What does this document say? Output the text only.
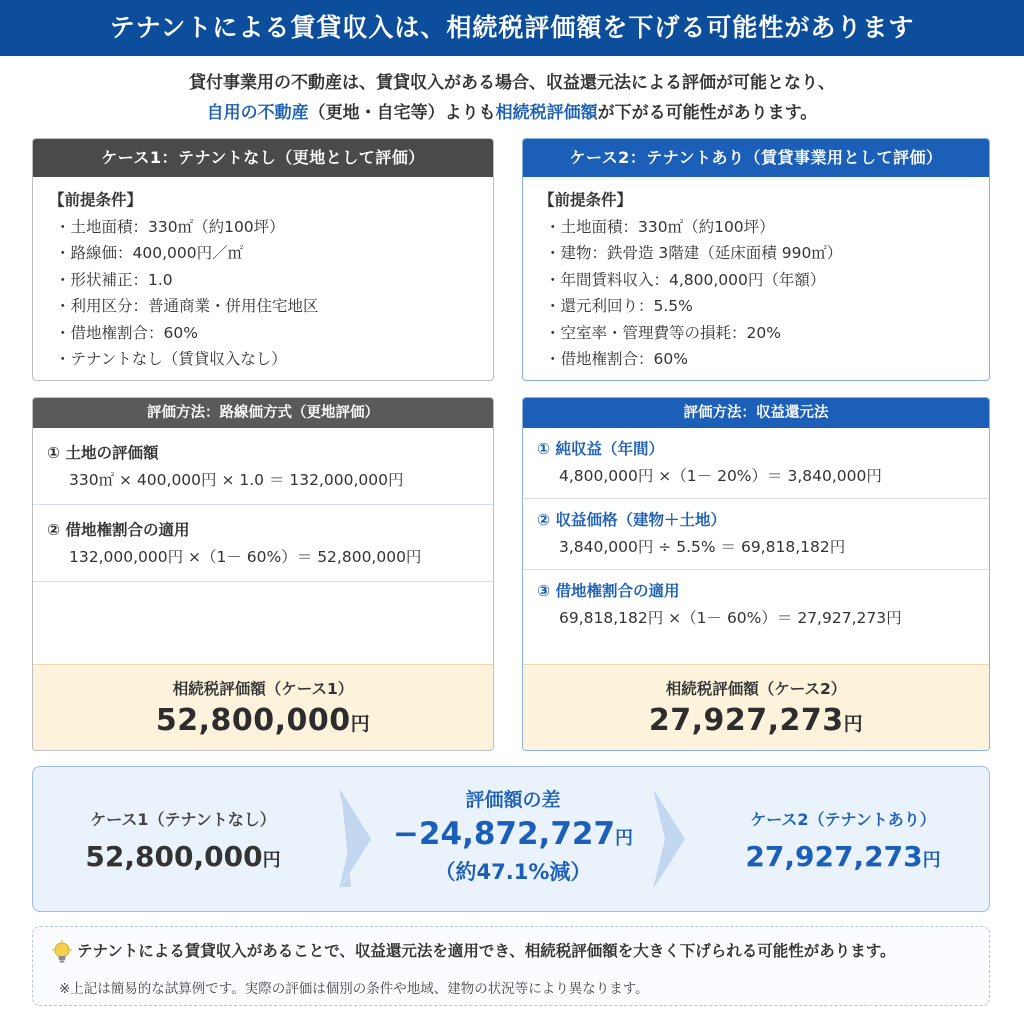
テナントによる賃貸収入は、相続税評価額を下げる可能性があります
貸付事業用の不動産は、賃貸収入がある場合、収益還元法による評価が可能となり、
自用の不動産（更地・自宅等）よりも相続税評価額が下がる可能性があります。
ケース1：テナントなし（更地として評価）
【前提条件】
・土地面積：330㎡（約100坪）
・路線価：400,000円／㎡
・形状補正：1.0
・利用区分：普通商業・併用住宅地区
・借地権割合：60%
・テナントなし（賃貸収入なし）
ケース2：テナントあり（賃貸事業用として評価）
【前提条件】
・土地面積：330㎡（約100坪）
・建物：鉄骨造 3階建（延床面積 990㎡）
・年間賃料収入：4,800,000円（年額）
・還元利回り：5.5%
・空室率・管理費等の損耗：20%
・借地権割合：60%
評価方法：路線価方式（更地評価）
① 土地の評価額
330㎡ × 400,000円 × 1.0 ＝ 132,000,000円
② 借地権割合の適用
132,000,000円 ×（1－ 60%）＝ 52,800,000円
相続税評価額（ケース1）
52,800,000円
評価方法：収益還元法
① 純収益（年間）
4,800,000円 ×（1－ 20%）＝ 3,840,000円
② 収益価格（建物＋土地）
3,840,000円 ÷ 5.5% ＝ 69,818,182円
③ 借地権割合の適用
69,818,182円 ×（1－ 60%）＝ 27,927,273円
相続税評価額（ケース2）
27,927,273円
ケース1（テナントなし）
52,800,000円
評価額の差
−24,872,727円
（約47.1%減）
ケース2（テナントあり）
27,927,273円
テナントによる賃貸収入があることで、収益還元法を適用でき、相続税評価額を大きく下げられる可能性があります。
※上記は簡易的な試算例です。実際の評価は個別の条件や地域、建物の状況等により異なります。
